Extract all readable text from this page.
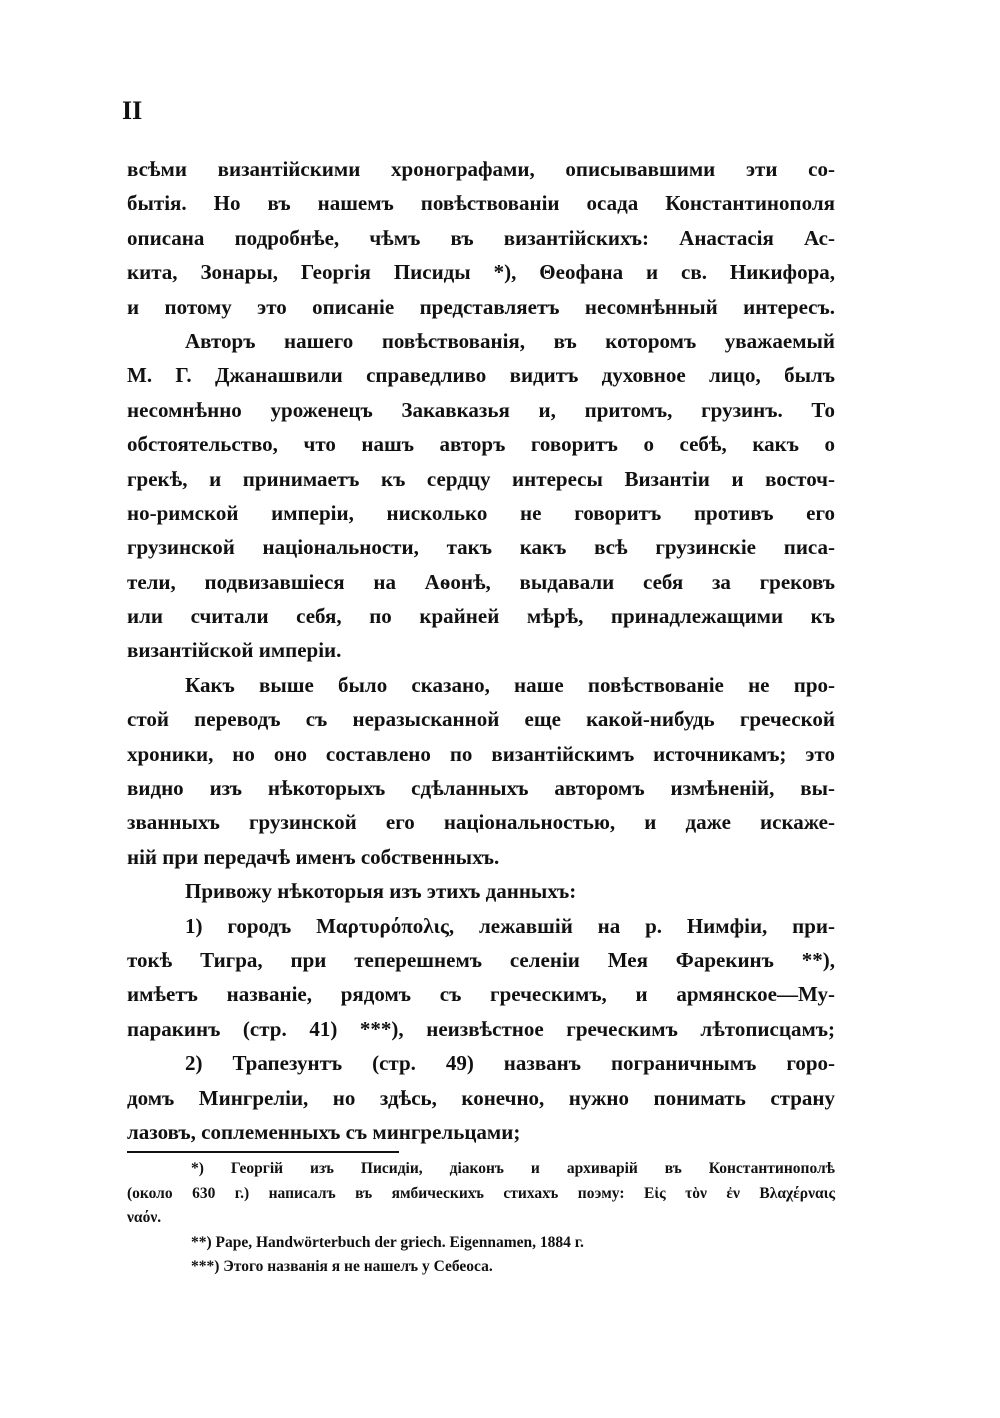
II
всѣми византійскими хронографами, описывавшими эти со-
бытія. Но въ нашемъ повѣствованіи осада Константинополя
описана подробнѣе, чѣмъ въ византійскихъ: Анастасія Ас-
кита, Зонары, Георгія Писиды *), Θеофана и св. Никифора,
и потому это описаніе представляетъ несомнѣнный интересъ.
Авторъ нашего повѣствованія, въ которомъ уважаемый
М. Г. Джанашвили справедливо видитъ духовное лицо, былъ
несомнѣнно уроженецъ Закавказья и, притомъ, грузинъ. То
обстоятельство, что нашъ авторъ говоритъ о себѣ, какъ о
грекѣ, и принимаетъ къ сердцу интересы Византіи и восточ-
но-римской имперіи, нисколько не говоритъ противъ его
грузинской національности, такъ какъ всѣ грузинскіе писа-
тели, подвизавшіеся на Аѳонѣ, выдавали себя за грековъ
или считали себя, по крайней мѣрѣ, принадлежащими къ
византійской имперіи.
Какъ выше было сказано, наше повѣствованіе не про-
стой переводъ съ неразысканной еще какой-нибудь греческой
хроники, но оно составлено по византійскимъ источникамъ; это
видно изъ нѣкоторыхъ сдѣланныхъ авторомъ измѣненій, вы-
званныхъ грузинской его національностью, и даже искаже-
ній при передачѣ именъ собственныхъ.
Привожу нѣкоторыя изъ этихъ данныхъ:
1) городъ Μαρτυρόπολις, лежавшій на р. Нимфіи, при-
токѣ Тигра, при теперешнемъ селеніи Мея Фарекинъ **),
имѣетъ названіе, рядомъ съ греческимъ, и армянское—Му-
паракинъ (стр. 41) ***), неизвѣстное греческимъ лѣтописцамъ;
2) Трапезунтъ (стр. 49) названъ пограничнымъ горо-
домъ Мингреліи, но здѣсь, конечно, нужно понимать страну
лазовъ, соплеменныхъ съ мингрельцами;
*) Георгій изъ Писидіи, діаконъ и архиварій въ Константинополѣ
(около 630 г.) написалъ въ ямбическихъ стихахъ поэму: Εἰς τὸν ἐν Βλαχέρναις
ναόν.
**) Pape, Handwörterbuch der griech. Eigennamen, 1884 г.
***) Этого названія я не нашелъ у Себеоса.
